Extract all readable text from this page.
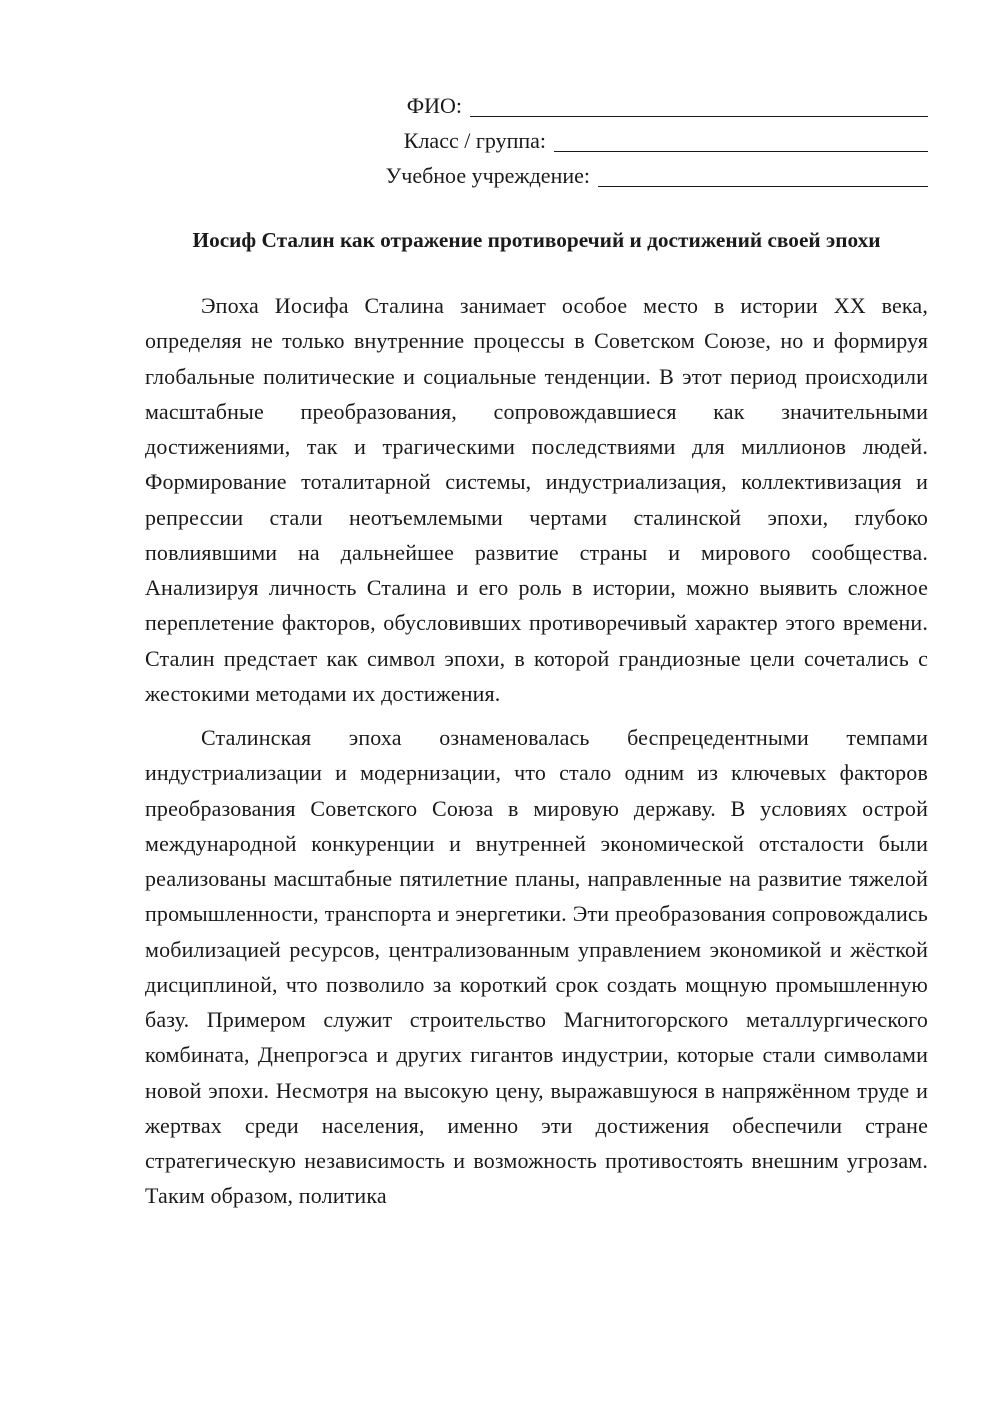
ФИО:
Класс / группа:
Учебное учреждение:
Иосиф Сталин как отражение противоречий и достижений своей эпохи

Эпоха Иосифа Сталина занимает особое место в истории XX века, определяя не только внутренние процессы в Советском Союзе, но и формируя глобальные политические и социальные тенденции. В этот период происходили масштабные преобразования, сопровождавшиеся как значительными достижениями, так и трагическими последствиями для миллионов людей. Формирование тоталитарной системы, индустриализация, коллективизация и репрессии стали неотъемлемыми чертами сталинской эпохи, глубоко повлиявшими на дальнейшее развитие страны и мирового сообщества. Анализируя личность Сталина и его роль в истории, можно выявить сложное переплетение факторов, обусловивших противоречивый характер этого времени. Сталин предстает как символ эпохи, в которой грандиозные цели сочетались с жестокими методами их достижения.

Сталинская эпоха ознаменовалась беспрецедентными темпами индустриализации и модернизации, что стало одним из ключевых факторов преобразования Советского Союза в мировую державу. В условиях острой международной конкуренции и внутренней экономической отсталости были реализованы масштабные пятилетние планы, направленные на развитие тяжелой промышленности, транспорта и энергетики. Эти преобразования сопровождались мобилизацией ресурсов, централизованным управлением экономикой и жёсткой дисциплиной, что позволило за короткий срок создать мощную промышленную базу. Примером служит строительство Магнитогорского металлургического комбината, Днепрогэса и других гигантов индустрии, которые стали символами новой эпохи. Несмотря на высокую цену, выражавшуюся в напряжённом труде и жертвах среди населения, именно эти достижения обеспечили стране стратегическую независимость и возможность противостоять внешним угрозам. Таким образом, политика
